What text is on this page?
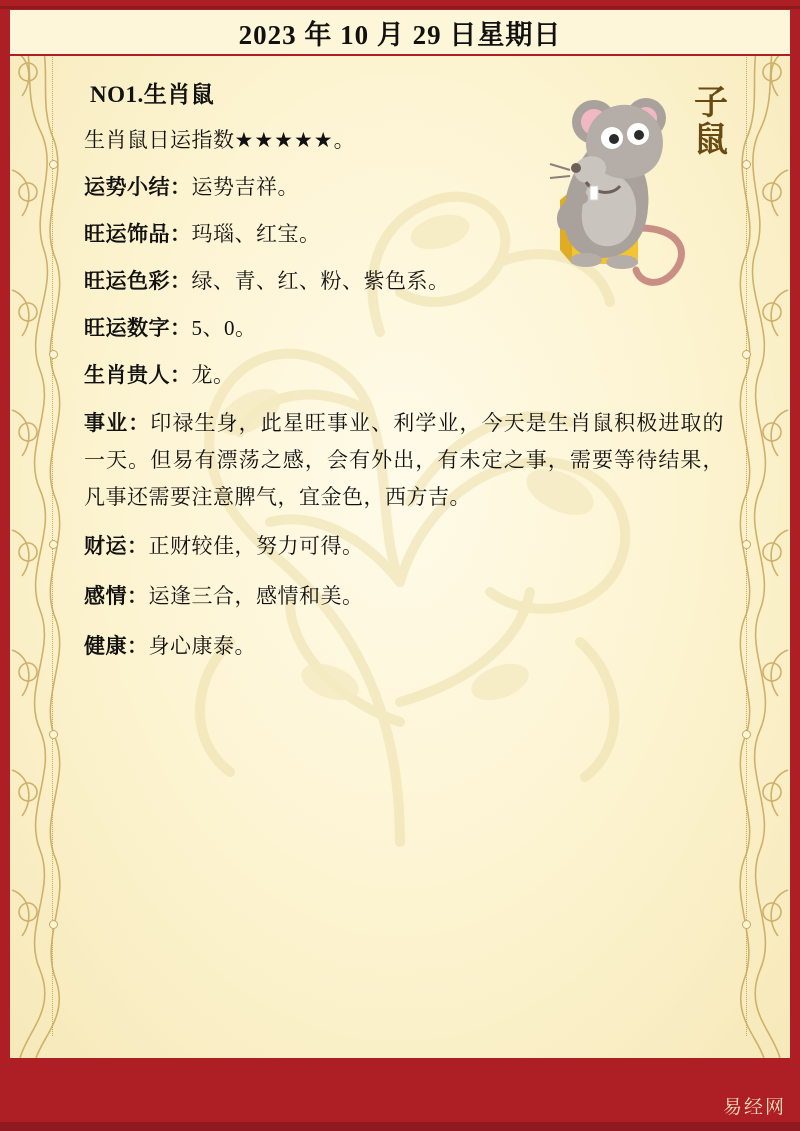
子鼠
NO1.生肖鼠
生肖鼠日运指数★★★★★。
运势小结：运势吉祥。
旺运饰品：玛瑙、红宝。
旺运色彩：绿、青、红、粉、紫色系。
旺运数字：5、0。
生肖贵人：龙。
事业：印禄生身，此星旺事业、利学业，今天是生肖鼠积极进取的一天。但易有漂荡之感，会有外出，有未定之事，需要等待结果，凡事还需要注意脾气，宜金色，西方吉。
财运：正财较佳，努力可得。
感情：运逢三合，感情和美。
健康：身心康泰。
2023 年 10 月 29 日星期日
易经网
